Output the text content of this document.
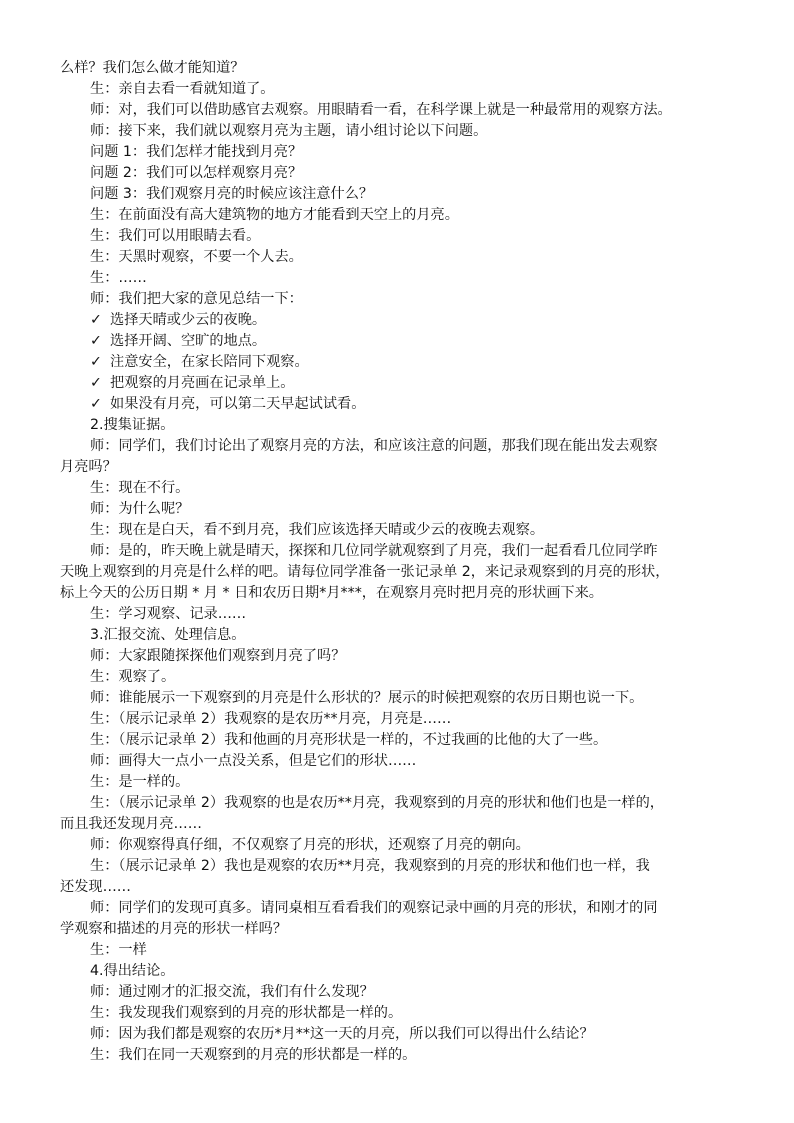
么样？我们怎么做才能知道？
生：亲自去看一看就知道了。
师：对，我们可以借助感官去观察。用眼睛看一看，在科学课上就是一种最常用的观察方法。
师：接下来，我们就以观察月亮为主题，请小组讨论以下问题。
问题 1：我们怎样才能找到月亮？
问题 2：我们可以怎样观察月亮？
问题 3：我们观察月亮的时候应该注意什么？
生：在前面没有高大建筑物的地方才能看到天空上的月亮。
生：我们可以用眼睛去看。
生：天黑时观察，不要一个人去。
生：……
师：我们把大家的意见总结一下：
✓ 选择天晴或少云的夜晚。
✓ 选择开阔、空旷的地点。
✓ 注意安全，在家长陪同下观察。
✓ 把观察的月亮画在记录单上。
✓ 如果没有月亮，可以第二天早起试试看。
2.搜集证据。
师：同学们，我们讨论出了观察月亮的方法，和应该注意的问题，那我们现在能出发去观察
月亮吗？
生：现在不行。
师：为什么呢？
生：现在是白天，看不到月亮，我们应该选择天晴或少云的夜晚去观察。
师：是的，昨天晚上就是晴天，探探和几位同学就观察到了月亮，我们一起看看几位同学昨
天晚上观察到的月亮是什么样的吧。请每位同学准备一张记录单 2，来记录观察到的月亮的形状，
标上今天的公历日期 * 月 * 日和农历日期*月***，在观察月亮时把月亮的形状画下来。
生：学习观察、记录……
3.汇报交流、处理信息。
师：大家跟随探探他们观察到月亮了吗？
生：观察了。
师：谁能展示一下观察到的月亮是什么形状的？展示的时候把观察的农历日期也说一下。
生：（展示记录单 2）我观察的是农历**月亮，月亮是……
生：（展示记录单 2）我和他画的月亮形状是一样的，不过我画的比他的大了一些。
师：画得大一点小一点没关系，但是它们的形状……
生：是一样的。
生：（展示记录单 2）我观察的也是农历**月亮，我观察到的月亮的形状和他们也是一样的，
而且我还发现月亮……
师：你观察得真仔细，不仅观察了月亮的形状，还观察了月亮的朝向。
生：（展示记录单 2）我也是观察的农历**月亮，我观察到的月亮的形状和他们也一样，我
还发现……
师：同学们的发现可真多。请同桌相互看看我们的观察记录中画的月亮的形状，和刚才的同
学观察和描述的月亮的形状一样吗？
生：一样
4.得出结论。
师：通过刚才的汇报交流，我们有什么发现？
生：我发现我们观察到的月亮的形状都是一样的。
师：因为我们都是观察的农历*月**这一天的月亮，所以我们可以得出什么结论？
生：我们在同一天观察到的月亮的形状都是一样的。
